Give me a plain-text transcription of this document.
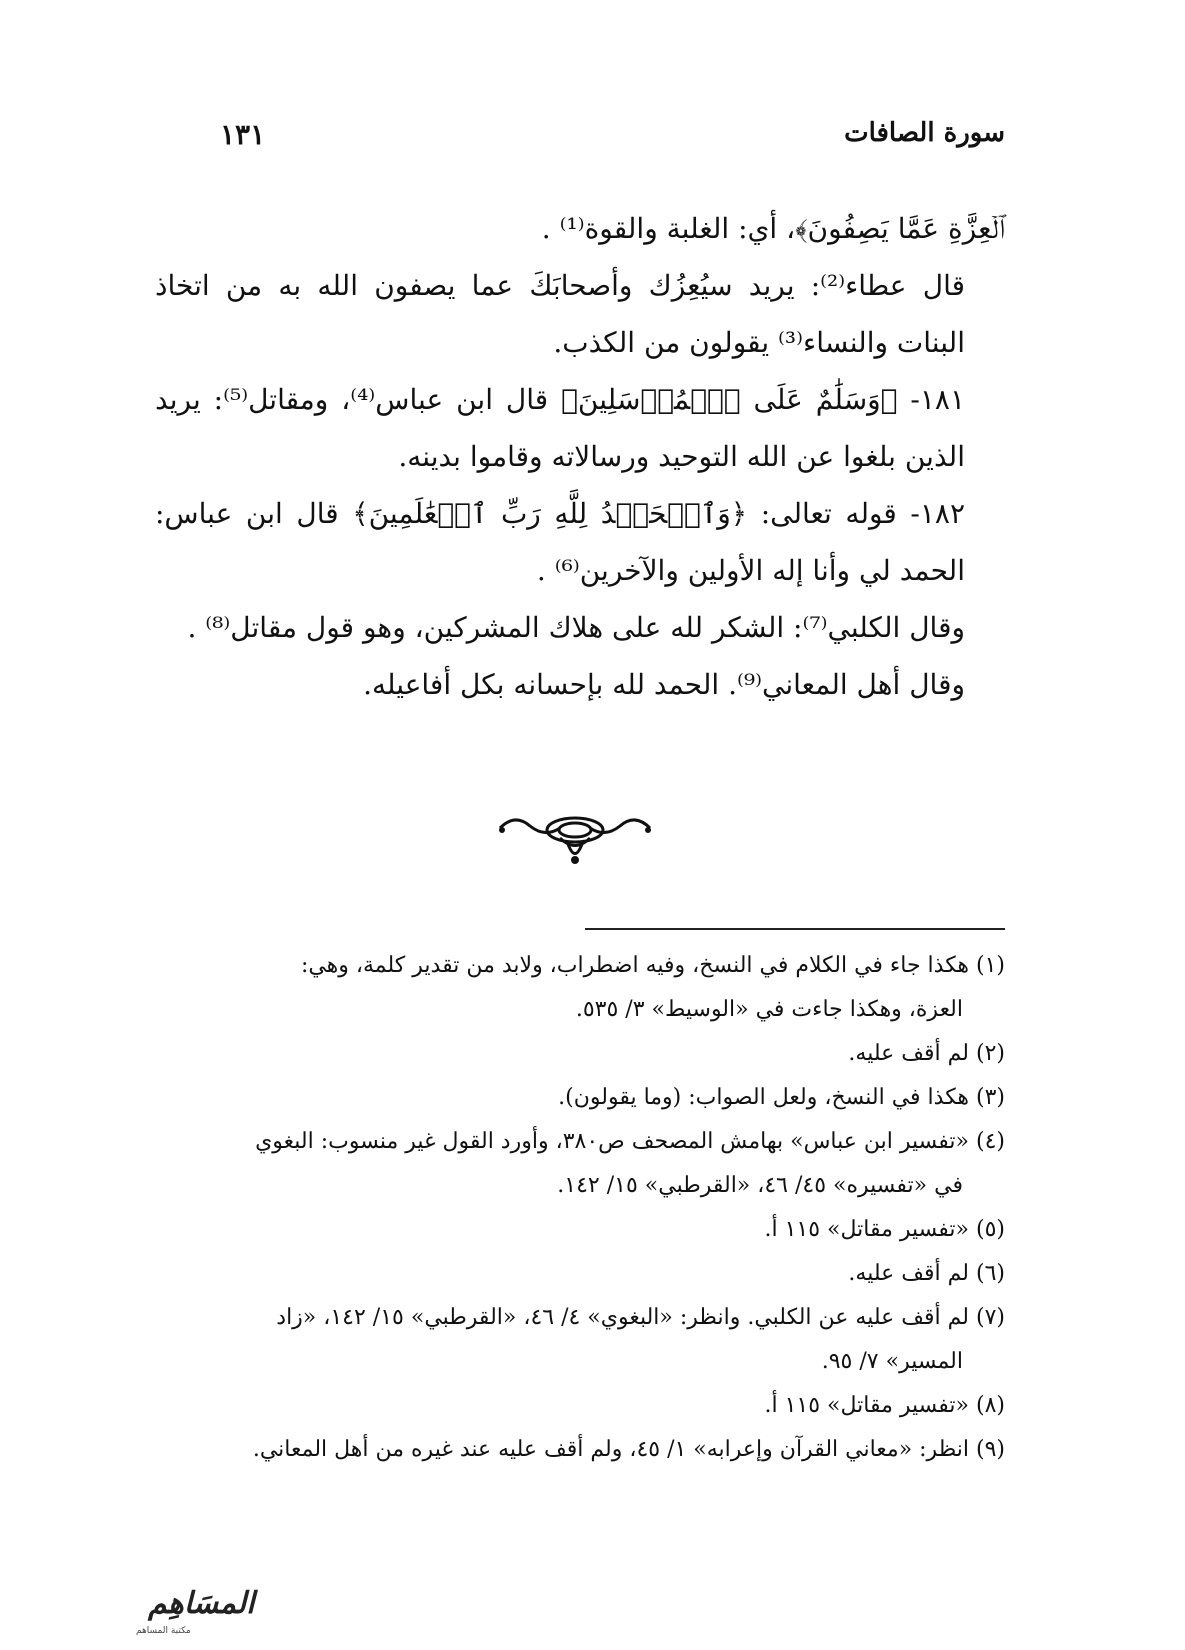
سورة الصافات
١٣١

ﭐلۡعِزَّةِ عَمَّا يَصِفُونَ﴾، أي: الغلبة والقوة⁽¹⁾ .

قال عطاء⁽²⁾: يريد سيُعِزُك وأصحابَكَ عما يصفون الله به من اتخاذ البنات والنساء⁽³⁾ يقولون من الكذب.

١٨١- ﴿وَسَلَٰمٌ عَلَى ٱلۡمُرۡسَلِينَ﴾ قال ابن عباس⁽⁴⁾، ومقاتل⁽⁵⁾: يريد الذين بلغوا عن الله التوحيد ورسالاته وقاموا بدينه.

١٨٢- قوله تعالى: ﴿وَٱلۡحَمۡدُ لِلَّهِ رَبِّ ٱلۡعَٰلَمِينَ﴾ قال ابن عباس: الحمد لي وأنا إله الأولين والآخرين⁽⁶⁾ .

وقال الكلبي⁽⁷⁾: الشكر لله على هلاك المشركين، وهو قول مقاتل⁽⁸⁾ .

وقال أهل المعاني⁽⁹⁾. الحمد لله بإحسانه بكل أفاعيله.

(١) هكذا جاء في الكلام في النسخ، وفيه اضطراب، ولابد من تقدير كلمة، وهي:

العزة، وهكذا جاءت في «الوسيط» ٣/ ٥٣٥.

(٢) لم أقف عليه.

(٣) هكذا في النسخ، ولعل الصواب: (وما يقولون).

(٤) «تفسير ابن عباس» بهامش المصحف ص٣٨٠، وأورد القول غير منسوب: البغوي

في «تفسيره» ٤٥/ ٤٦، «القرطبي» ١٥/ ١٤٢.

(٥) «تفسير مقاتل» ١١٥ أ.

(٦) لم أقف عليه.

(٧) لم أقف عليه عن الكلبي. وانظر: «البغوي» ٤/ ٤٦، «القرطبي» ١٥/ ١٤٢، «زاد

المسير» ٧/ ٩٥.

(٨) «تفسير مقاتل» ١١٥ أ.

(٩) انظر: «معاني القرآن وإعرابه» ١/ ٤٥، ولم أقف عليه عند غيره من أهل المعاني.

المسَاهِم
مكتبة المساهم
